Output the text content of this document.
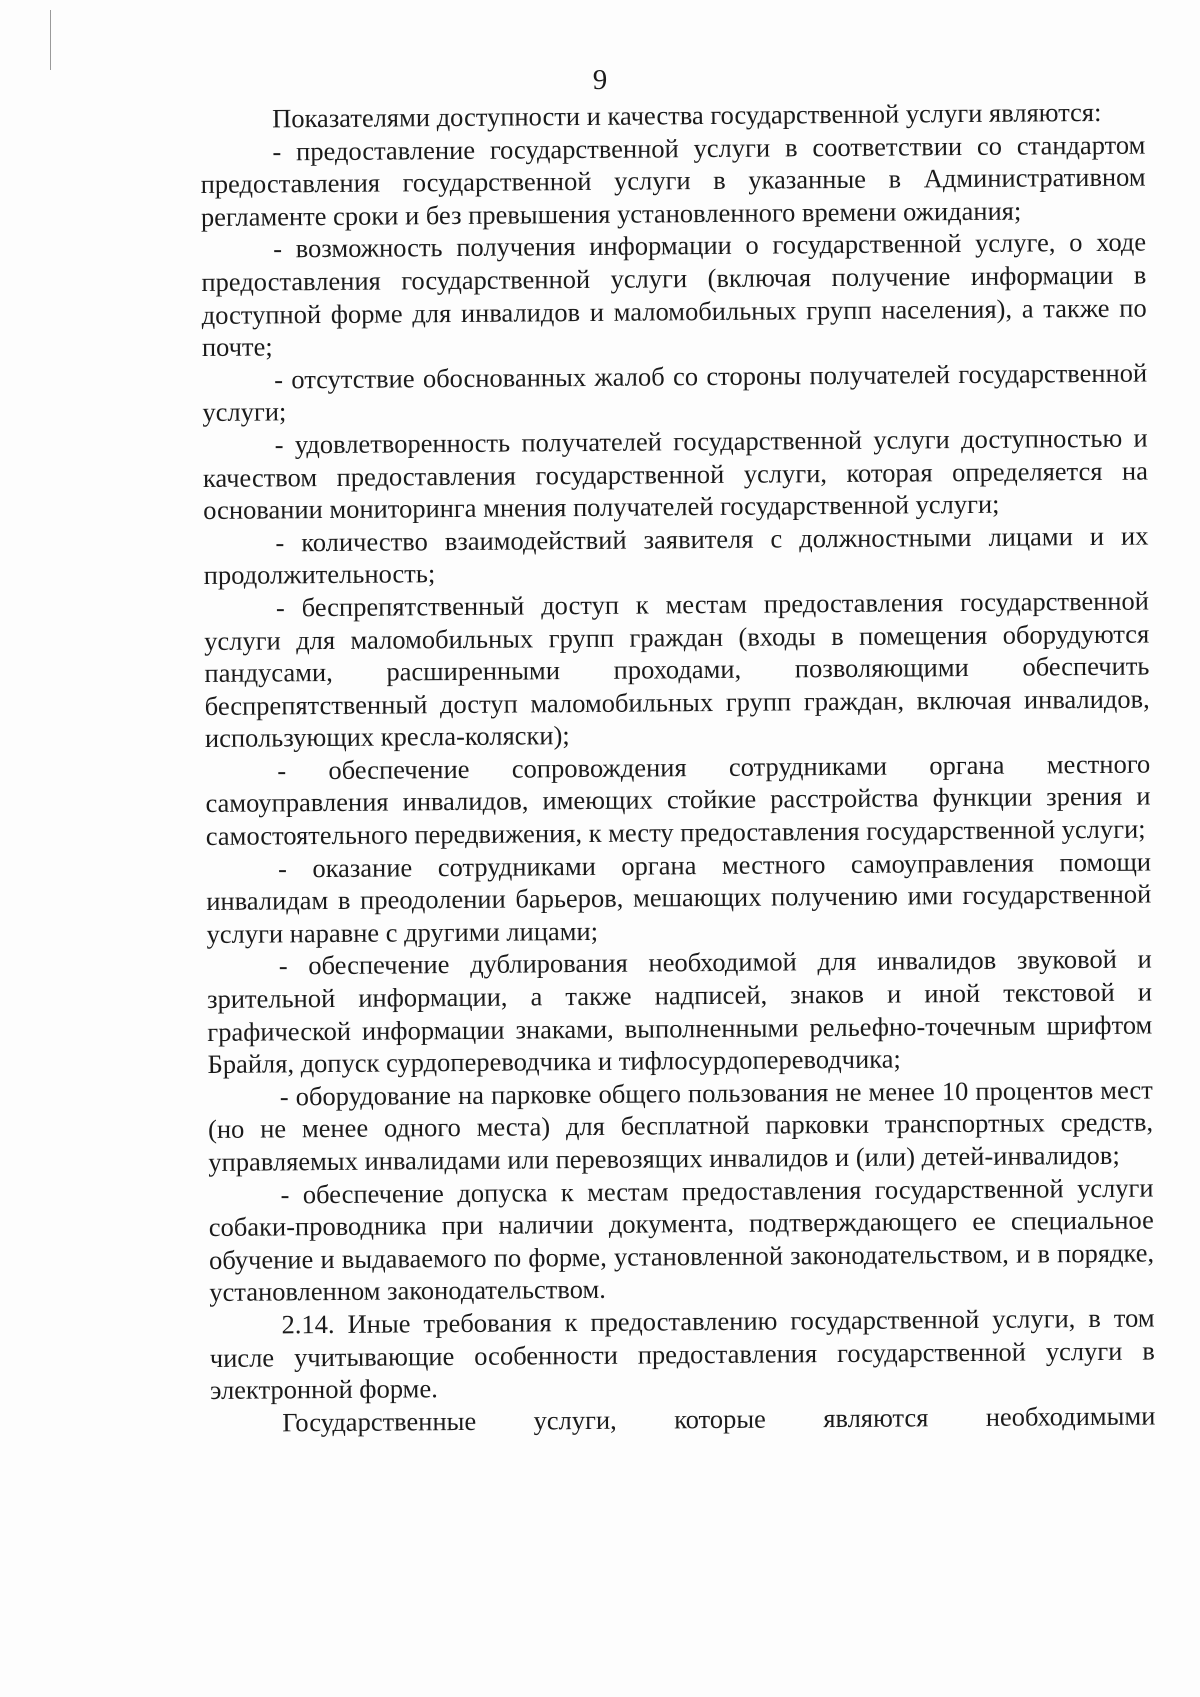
9

Показателями доступности и качества государственной услуги являются:

- предоставление государственной услуги в соответствии со стандартом предоставления государственной услуги в указанные в Административном регламенте сроки и без превышения установленного времени ожидания;

- возможность получения информации о государственной услуге, о ходе предоставления государственной услуги (включая получение информации в доступной форме для инвалидов и маломобильных групп населения), а также по почте;

- отсутствие обоснованных жалоб со стороны получателей государственной услуги;

- удовлетворенность получателей государственной услуги доступностью и качеством предоставления государственной услуги, которая определяется на основании мониторинга мнения получателей государственной услуги;

- количество взаимодействий заявителя с должностными лицами и их продолжительность;

- беспрепятственный доступ к местам предоставления государственной услуги для маломобильных групп граждан (входы в помещения оборудуются пандусами, расширенными проходами, позволяющими обеспечить беспрепятственный доступ маломобильных групп граждан, включая инвалидов, использующих кресла-коляски);

- обеспечение сопровождения сотрудниками органа местного самоуправления инвалидов, имеющих стойкие расстройства функции зрения и самостоятельного передвижения, к месту предоставления государственной услуги;

- оказание сотрудниками органа местного самоуправления помощи инвалидам в преодолении барьеров, мешающих получению ими государственной услуги наравне с другими лицами;

- обеспечение дублирования необходимой для инвалидов звуковой и зрительной информации, а также надписей, знаков и иной текстовой и графической информации знаками, выполненными рельефно-точечным шрифтом Брайля, допуск сурдопереводчика и тифлосурдопереводчика;

- оборудование на парковке общего пользования не менее 10 процентов мест (но не менее одного места) для бесплатной парковки транспортных средств, управляемых инвалидами или перевозящих инвалидов и (или) детей-инвалидов;

- обеспечение допуска к местам предоставления государственной услуги собаки-проводника при наличии документа, подтверждающего ее специальное обучение и выдаваемого по форме, установленной законодательством, и в порядке, установленном законодательством.

2.14. Иные требования к предоставлению государственной услуги, в том числе учитывающие особенности предоставления государственной услуги в электронной форме.

Государственные услуги, которые являются необходимыми
